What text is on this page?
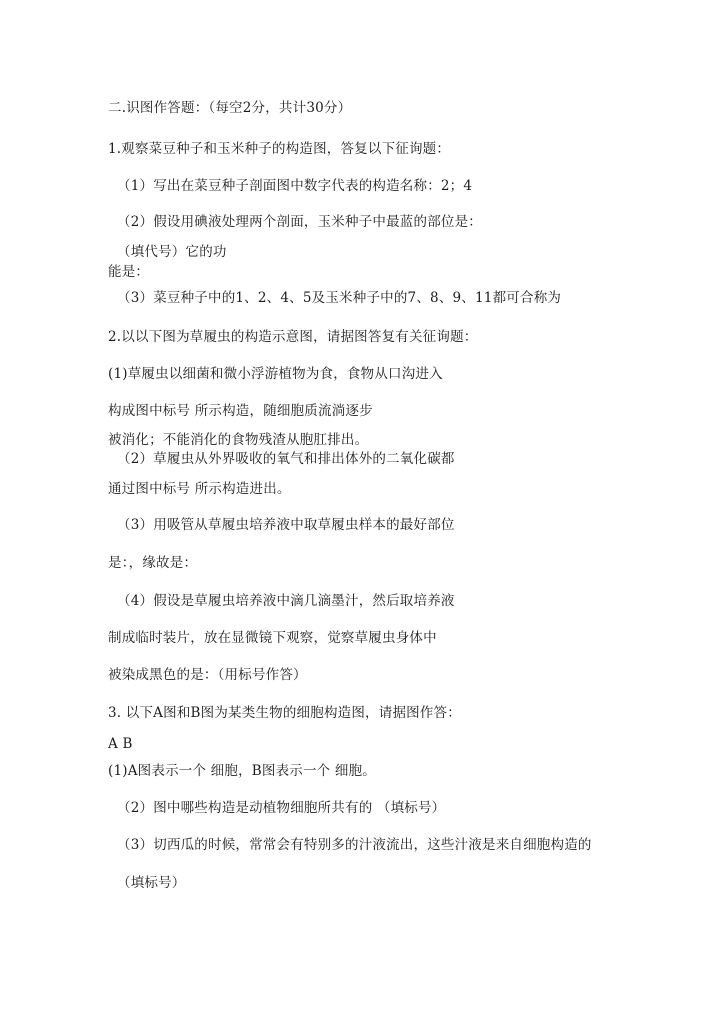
二.识图作答题：（每空2分，共计30分）
1.观察菜豆种子和玉米种子的构造图，答复以下征询题：
（1）写出在菜豆种子剖面图中数字代表的构造名称：2；4
（2）假设用碘液处理两个剖面，玉米种子中最蓝的部位是：
（填代号）它的功
能是：
（3）菜豆种子中的1、2、4、5及玉米种子中的7、8、9、11都可合称为
2.以以下图为草履虫的构造示意图，请据图答复有关征询题：
(1)草履虫以细菌和微小浮游植物为食，食物从口沟进入
构成图中标号 所示构造，随细胞质流淌逐步
被消化；不能消化的食物残渣从胞肛排出。
（2）草履虫从外界吸收的氧气和排出体外的二氧化碳都
通过图中标号 所示构造进出。
（3）用吸管从草履虫培养液中取草履虫样本的最好部位
是：，缘故是：
（4）假设是草履虫培养液中滴几滴墨汁，然后取培养液
制成临时装片，放在显微镜下观察，觉察草履虫身体中
被染成黑色的是：（用标号作答）
3. 以下A图和B图为某类生物的细胞构造图，请据图作答：
A B
(1)A图表示一个 细胞，B图表示一个 细胞。
（2）图中哪些构造是动植物细胞所共有的 （填标号）
（3）切西瓜的时候，常常会有特别多的汁液流出，这些汁液是来自细胞构造的
（填标号）
